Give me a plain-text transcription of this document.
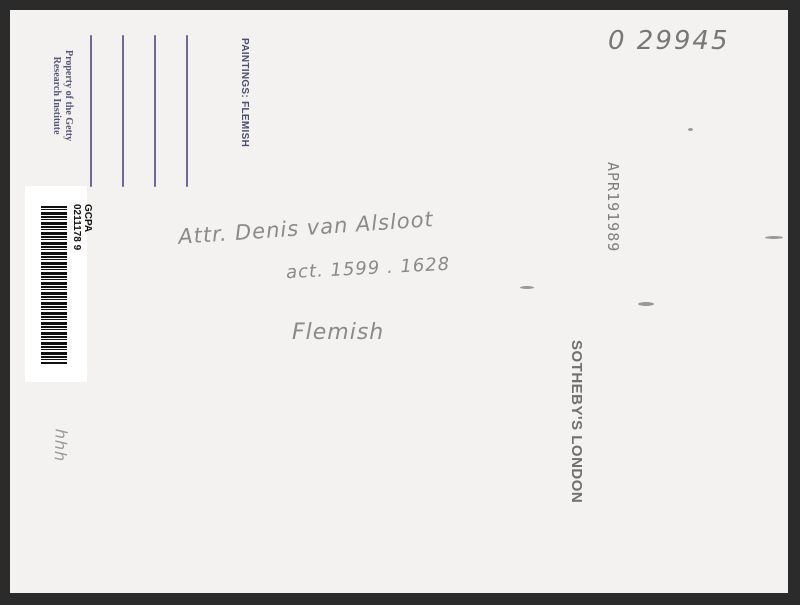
Property of the Getty
Research Institute	PAINTINGS: FLEMISH
GCPA
0211178 9
0 29945
Attr. Denis van Alsloot
act. 1599 . 1628
Flemish
hhh
APR191989
SOTHEBY'S LONDON
